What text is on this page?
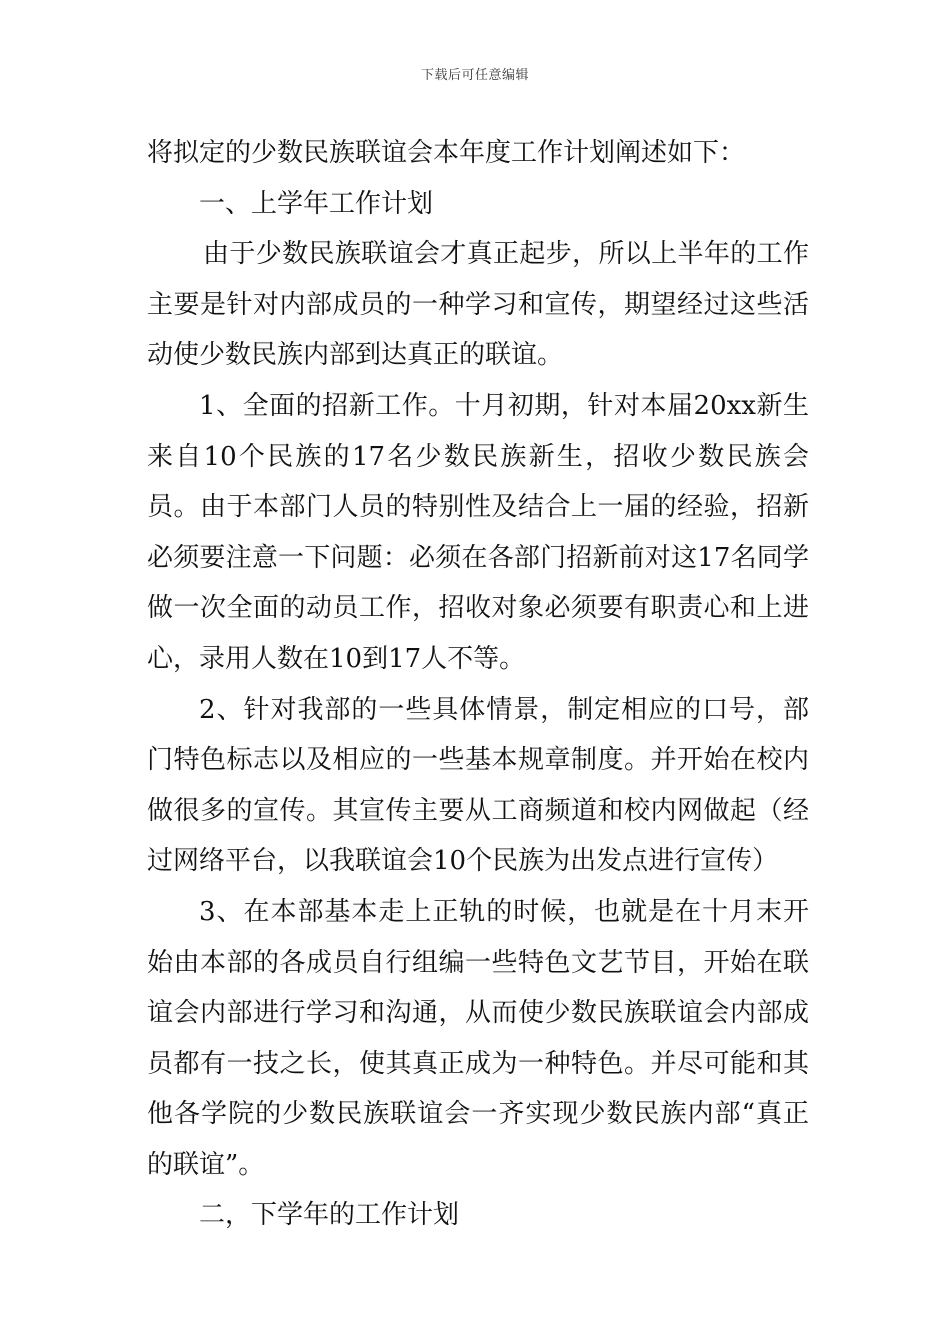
下载后可任意编辑

将拟定的少数民族联谊会本年度工作计划阐述如下：

一、上学年工作计划

由于少数民族联谊会才真正起步，所以上半年的工作主要是针对内部成员的一种学习和宣传，期望经过这些活动使少数民族内部到达真正的联谊。

1、全面的招新工作。十月初期，针对本届20xx新生来自10个民族的17名少数民族新生，招收少数民族会员。由于本部门人员的特别性及结合上一届的经验，招新必须要注意一下问题：必须在各部门招新前对这17名同学做一次全面的动员工作，招收对象必须要有职责心和上进心，录用人数在10到17人不等。

2、针对我部的一些具体情景，制定相应的口号，部门特色标志以及相应的一些基本规章制度。并开始在校内做很多的宣传。其宣传主要从工商频道和校内网做起（经过网络平台，以我联谊会10个民族为出发点进行宣传）

3、在本部基本走上正轨的时候，也就是在十月末开始由本部的各成员自行组编一些特色文艺节目，开始在联谊会内部进行学习和沟通，从而使少数民族联谊会内部成员都有一技之长，使其真正成为一种特色。并尽可能和其他各学院的少数民族联谊会一齐实现少数民族内部“真正的联谊”。

二，下学年的工作计划
